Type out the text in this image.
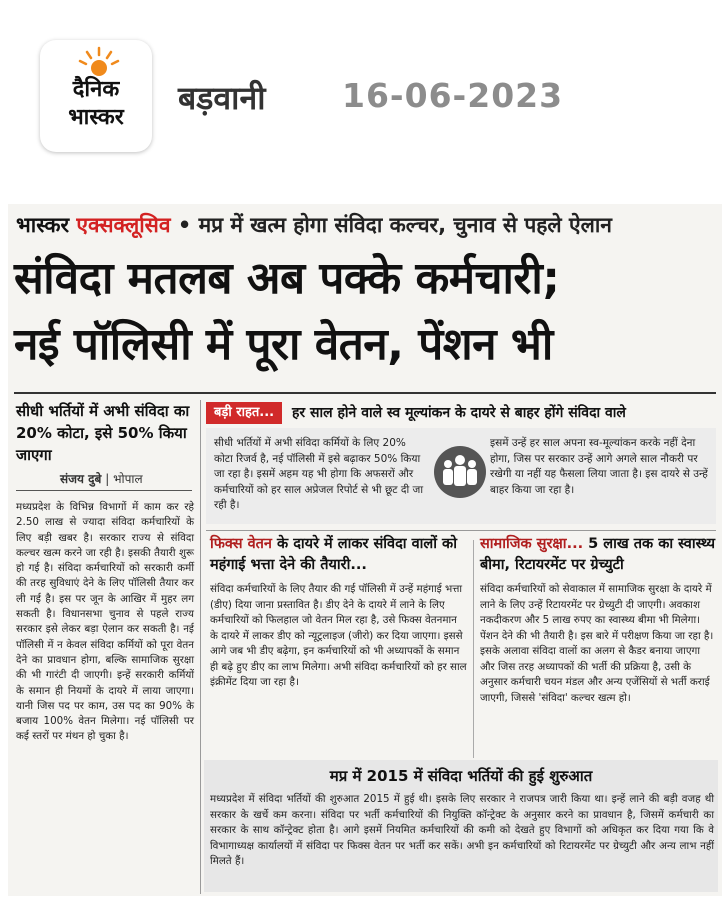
दैनिक
भास्कर
बड़वानी 16-06-2023
भास्कर एक्सक्लूसिव • मप्र में खत्म होगा संविदा कल्चर, चुनाव से पहले ऐलान
संविदा मतलब अब पक्के कर्मचारी;
नई पॉलिसी में पूरा वेतन, पेंशन भी
सीधी भर्तियों में अभी संविदा का 20% कोटा, इसे 50% किया जाएगा
संजय दुबे | भोपाल
मध्यप्रदेश के विभिन्न विभागों में काम कर रहे 2.50 लाख से ज्यादा संविदा कर्मचारियों के लिए बड़ी खबर है। सरकार राज्य से संविदा कल्चर खत्म करने जा रही है। इसकी तैयारी शुरू हो गई है। संविदा कर्मचारियों को सरकारी कर्मी की तरह सुविधाएं देने के लिए पॉलिसी तैयार कर ली गई है। इस पर जून के आखिर में मुहर लग सकती है। विधानसभा चुनाव से पहले राज्य सरकार इसे लेकर बड़ा ऐलान कर सकती है। नई पॉलिसी में न केवल संविदा कर्मियों को पूरा वेतन देने का प्रावधान होगा, बल्कि सामाजिक सुरक्षा की भी गारंटी दी जाएगी। इन्हें सरकारी कर्मियों के समान ही नियमों के दायरे में लाया जाएगा। यानी जिस पद पर काम, उस पद का 90% के बजाय 100% वेतन मिलेगा। नई पॉलिसी पर कई स्तरों पर मंथन हो चुका है।
बड़ी राहत...	हर साल होने वाले स्व मूल्यांकन के दायरे से बाहर होंगे संविदा वाले
सीधी भर्तियों में अभी संविदा कर्मियों के लिए 20% कोटा रिजर्व है, नई पॉलिसी में इसे बढ़ाकर 50% किया जा रहा है। इसमें अहम यह भी होगा कि अफसरों और कर्मचारियों को हर साल अप्रेजल रिपोर्ट से भी छूट दी जा रही है।
इसमें उन्हें हर साल अपना स्व-मूल्यांकन करके नहीं देना होगा, जिस पर सरकार उन्हें आगे अगले साल नौकरी पर रखेगी या नहीं यह फैसला लिया जाता है। इस दायरे से उन्हें बाहर किया जा रहा है।
फिक्स वेतन के दायरे में लाकर संविदा वालों को महंगाई भत्ता देने की तैयारी...
संविदा कर्मचारियों के लिए तैयार की गई पॉलिसी में उन्हें महंगाई भत्ता (डीए) दिया जाना प्रस्तावित है। डीए देने के दायरे में लाने के लिए कर्मचारियों को फिलहाल जो वेतन मिल रहा है, उसे फिक्स वेतनमान के दायरे में लाकर डीए को न्यूट्रलाइज (जीरो) कर दिया जाएगा। इससे आगे जब भी डीए बढ़ेगा, इन कर्मचारियों को भी अध्यापकों के समान ही बढ़े हुए डीए का लाभ मिलेगा। अभी संविदा कर्मचारियों को हर साल इंक्रीमेंट दिया जा रहा है।
सामाजिक सुरक्षा... 5 लाख तक का स्वास्थ्य बीमा, रिटायरमेंट पर ग्रेच्युटी
संविदा कर्मचारियों को सेवाकाल में सामाजिक सुरक्षा के दायरे में लाने के लिए उन्हें रिटायरमेंट पर ग्रेच्युटी दी जाएगी। अवकाश नकदीकरण और 5 लाख रुपए का स्वास्थ्य बीमा भी मिलेगा। पेंशन देने की भी तैयारी है। इस बारे में परीक्षण किया जा रहा है। इसके अलावा संविदा वालों का अलग से कैडर बनाया जाएगा और जिस तरह अध्यापकों की भर्ती की प्रक्रिया है, उसी के अनुसार कर्मचारी चयन मंडल और अन्य एजेंसियों से भर्ती कराई जाएगी, जिससे 'संविदा' कल्चर खत्म हो।
मप्र में 2015 में संविदा भर्तियों की हुई शुरुआत
मध्यप्रदेश में संविदा भर्तियों की शुरुआत 2015 में हुई थी। इसके लिए सरकार ने राजपत्र जारी किया था। इन्हें लाने की बड़ी वजह थी सरकार के खर्चे कम करना। संविदा पर भर्ती कर्मचारियों की नियुक्ति कॉन्ट्रेक्ट के अनुसार करने का प्रावधान है, जिसमें कर्मचारी का सरकार के साथ कॉन्ट्रेक्ट होता है। आगे इसमें नियमित कर्मचारियों की कमी को देखते हुए विभागों को अधिकृत कर दिया गया कि वे विभागाध्यक्ष कार्यालयों में संविदा पर फिक्स वेतन पर भर्ती कर सकें। अभी इन कर्मचारियों को रिटायरमेंट पर ग्रेच्युटी और अन्य लाभ नहीं मिलते हैं।
